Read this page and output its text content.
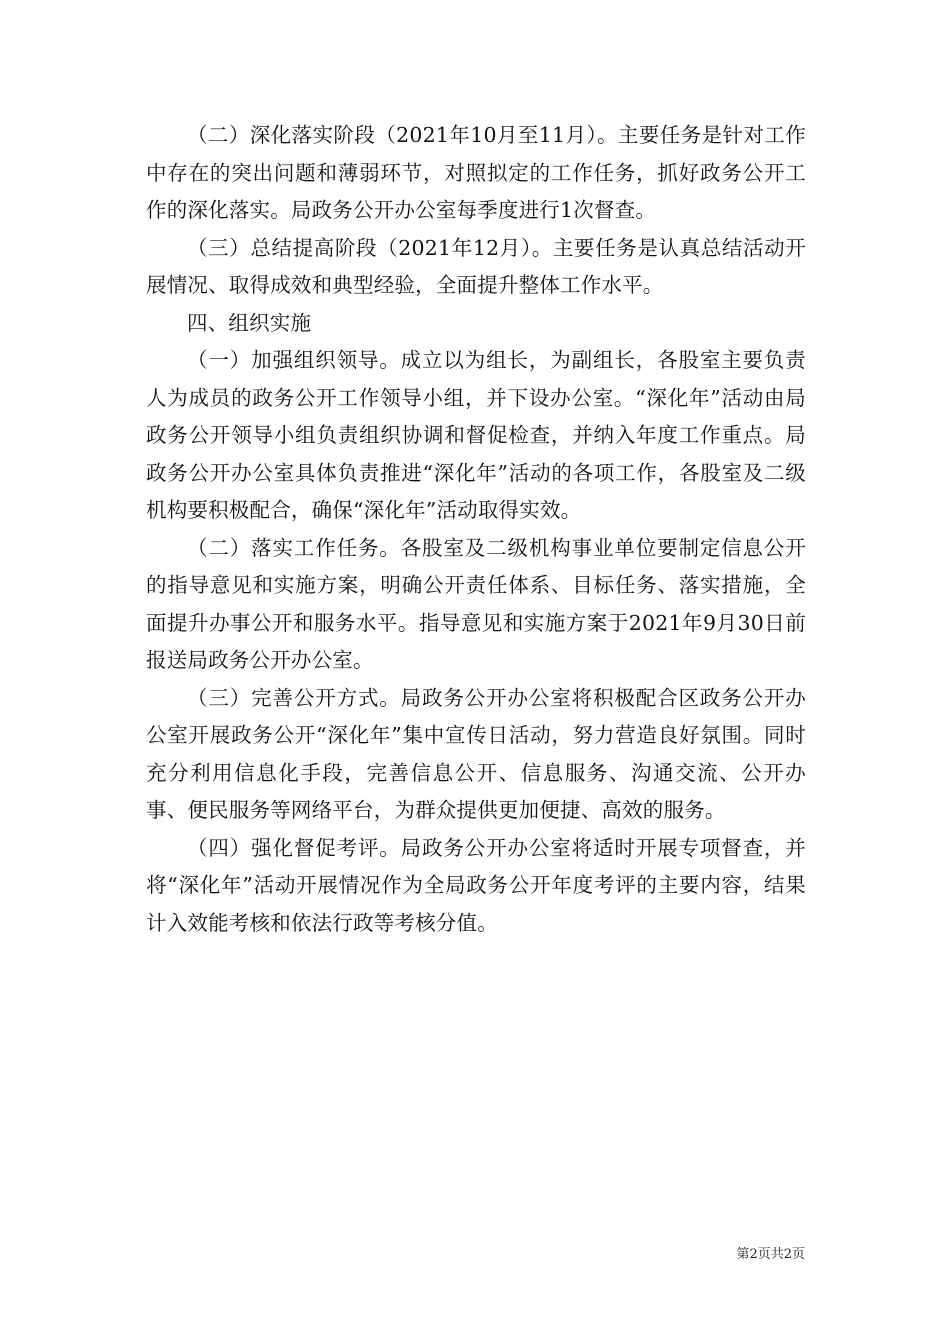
（二）深化落实阶段（2021年10月至11月）。主要任务是针对工作中存在的突出问题和薄弱环节，对照拟定的工作任务，抓好政务公开工作的深化落实。局政务公开办公室每季度进行1次督查。

（三）总结提高阶段（2021年12月）。主要任务是认真总结活动开展情况、取得成效和典型经验，全面提升整体工作水平。

四、组织实施

（一）加强组织领导。成立以为组长，为副组长，各股室主要负责人为成员的政务公开工作领导小组，并下设办公室。“深化年”活动由局政务公开领导小组负责组织协调和督促检查，并纳入年度工作重点。局政务公开办公室具体负责推进“深化年”活动的各项工作，各股室及二级机构要积极配合，确保“深化年”活动取得实效。

（二）落实工作任务。各股室及二级机构事业单位要制定信息公开的指导意见和实施方案，明确公开责任体系、目标任务、落实措施，全面提升办事公开和服务水平。指导意见和实施方案于2021年9月30日前报送局政务公开办公室。

（三）完善公开方式。局政务公开办公室将积极配合区政务公开办公室开展政务公开“深化年”集中宣传日活动，努力营造良好氛围。同时充分利用信息化手段，完善信息公开、信息服务、沟通交流、公开办事、便民服务等网络平台，为群众提供更加便捷、高效的服务。

（四）强化督促考评。局政务公开办公室将适时开展专项督查，并将“深化年”活动开展情况作为全局政务公开年度考评的主要内容，结果计入效能考核和依法行政等考核分值。

第2页共2页
